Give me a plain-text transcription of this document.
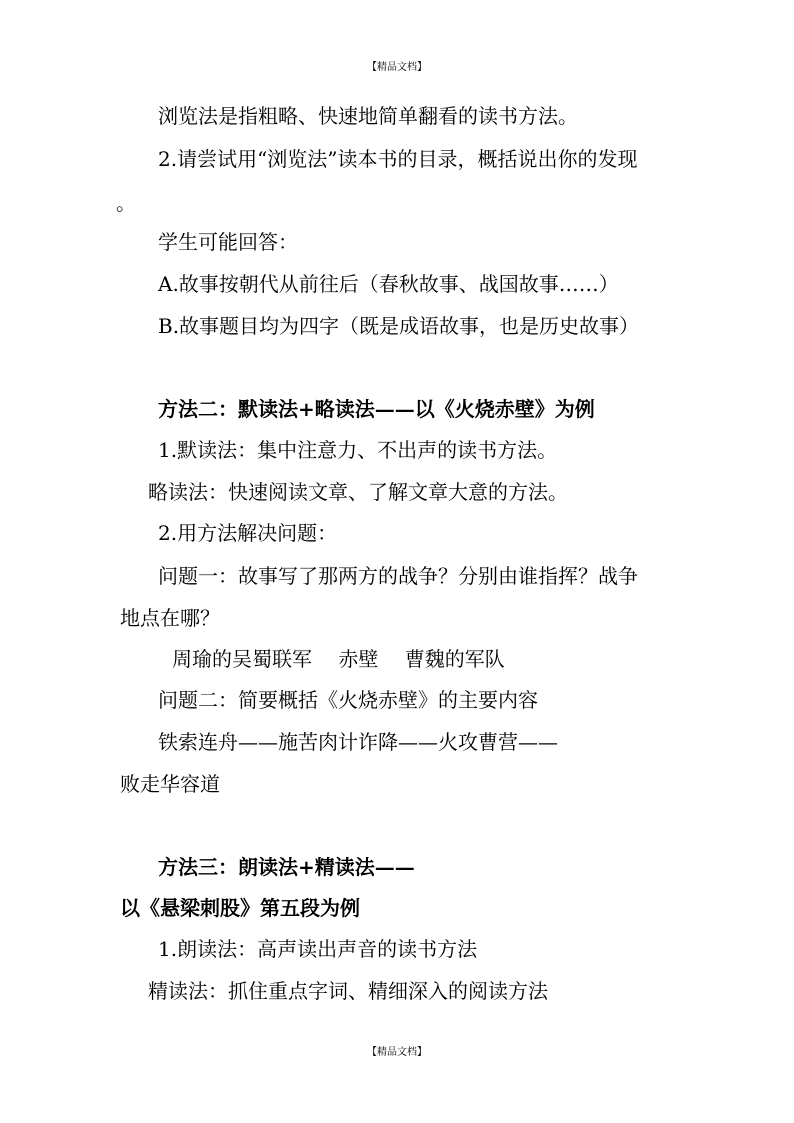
【精品文档】
浏览法是指粗略、快速地简单翻看的读书方法。
2.请尝试用“浏览法”读本书的目录，概括说出你的发现
。
学生可能回答：
A.故事按朝代从前往后（春秋故事、战国故事……）
B.故事题目均为四字（既是成语故事，也是历史故事）
方法二：默读法+略读法——以《火烧赤壁》为例
1.默读法：集中注意力、不出声的读书方法。
略读法：快速阅读文章、了解文章大意的方法。
2.用方法解决问题：
问题一：故事写了那两方的战争？分别由谁指挥？战争
地点在哪？
周瑜的吴蜀联军　 赤壁　 曹魏的军队
问题二：简要概括《火烧赤壁》的主要内容
铁索连舟——施苦肉计诈降——火攻曹营——
败走华容道
方法三：朗读法+精读法——
以《悬梁刺股》第五段为例
1.朗读法：高声读出声音的读书方法
精读法：抓住重点字词、精细深入的阅读方法
【精品文档】
